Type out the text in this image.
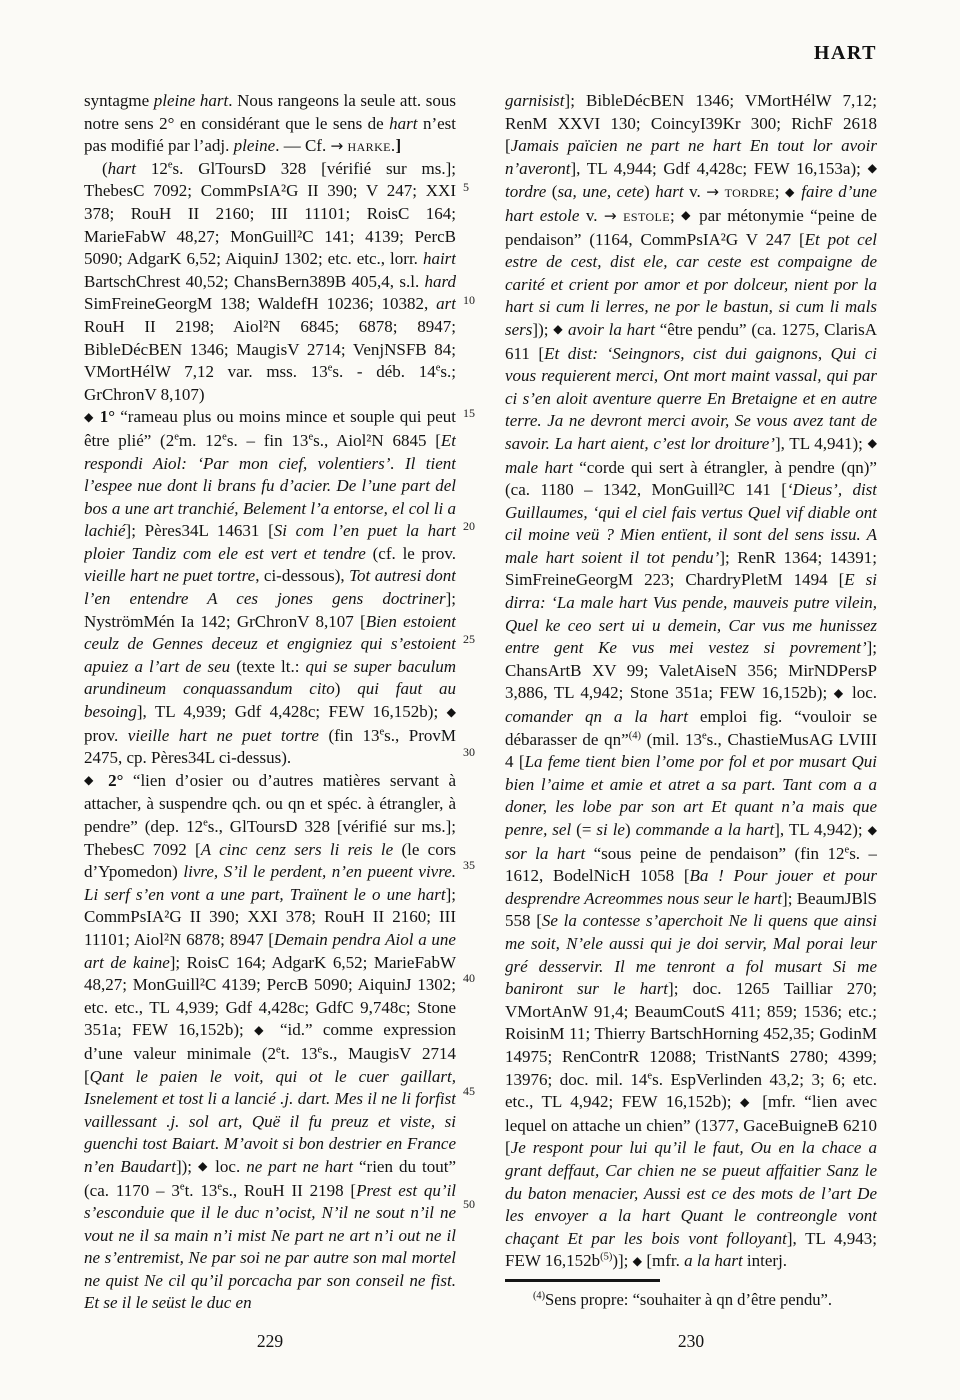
HART

syntagme pleine hart. Nous rangeons la seule att. sous notre sens 2° en considérant que le sens de hart n’est pas modifié par l’adj. pleine. — Cf. → harke.]

(hart 12es. GlToursD 328 [vérifié sur ms.]; ThebesC 7092; CommPsIA²G II 390; V 247; XXI 378; RouH II 2160; III 11101; RoisC 164; MarieFabW 48,27; MonGuill²C 141; 4139; PercB 5090; AdgarK 6,52; AiquinJ 1302; etc. etc., lorr. hairt BartschChrest 40,52; ChansBern389B 405,4, s.l. hard SimFreineGeorgM 138; WaldefH 10236; 10382, art RouH II 2198; Aiol²N 6845; 6878; 8947; BibleDécBEN 1346; MaugisV 2714; VenjNSFB 84; VMortHélW 7,12 var. mss. 13es. - déb. 14es.; GrChronV 8,107)

◆ 1° “rameau plus ou moins mince et souple qui peut être plié” (2em. 12es. – fin 13es., Aiol²N 6845 [Et respondi Aiol: ‘Par mon cief, volentiers’. Il tient l’espee nue dont li brans fu d’acier. De l’une part del bos a une art tranchié, Belement l’a entorse, el col li a lachié]; Pères34L 14631 [Si com l’en puet la hart ploier Tandiz com ele est vert et tendre (cf. le prov. vieille hart ne puet tortre, ci-dessous), Tot autresi dont l’en entendre A ces jones gens doctriner]; NyströmMén Ia 142; GrChronV 8,107 [Bien estoient ceulz de Gennes deceuz et engigniez qui s’estoient apuiez a l’art de seu (texte lt.: qui se super baculum arundineum conquassandum cito) qui faut au besoing], TL 4,939; Gdf 4,428c; FEW 16,152b); ◆ prov. vieille hart ne puet tortre (fin 13es., ProvM 2475, cp. Pères34L ci-dessus).

◆ 2° “lien d’osier ou d’autres matières servant à attacher, à suspendre qch. ou qn et spéc. à étrangler, à pendre” (dep. 12es., GlToursD 328 [vérifié sur ms.]; ThebesC 7092 [A cinc cenz sers li reis le (le cors d’Ypomedon) livre, S’il le perdent, n’en pueent vivre. Li serf s’en vont a une part, Traïnent le o une hart]; CommPsIA²G II 390; XXI 378; RouH II 2160; III 11101; Aiol²N 6878; 8947 [Demain pendra Aiol a une art de kaine]; RoisC 164; AdgarK 6,52; MarieFabW 48,27; MonGuill²C 4139; PercB 5090; AiquinJ 1302; etc. etc., TL 4,939; Gdf 4,428c; GdfC 9,748c; Stone 351a; FEW 16,152b); ◆ “id.” comme expression d’une valeur minimale (2et. 13es., MaugisV 2714 [Qant le paien le voit, qui ot le cuer gaillart, Isnelement et tost li a lancié .j. dart. Mes il ne li forfist vaillessant .j. sol art, Quë il fu preuz et viste, si guenchi tost Baiart. M’avoit si bon destrier en France n’en Baudart]); ◆ loc. ne part ne hart “rien du tout” (ca. 1170 – 3et. 13es., RouH II 2198 [Prest est qu’il s’esconduie que il le duc n’ocist, N’il ne sout n’il ne vout ne il sa main n’i mist Ne part ne art n’i out ne il ne s’entremist, Ne par soi ne par autre son mal mortel ne quist Ne cil qu’il porcacha par son conseil ne fist. Et se il le seüst le duc en

5
10
15
20
25
30
35
40
45
50

garnisist]; BibleDécBEN 1346; VMortHélW 7,12; RenM XXVI 130; CoincyI39Kr 300; RichF 2618 [Jamais païcien ne part ne hart En tout lor avoir n’averont], TL 4,944; Gdf 4,428c; FEW 16,153a); ◆ tordre (sa, une, cete) hart v. → tordre; ◆ faire d’une hart estole v. → estole; ◆ par métonymie “peine de pendaison” (1164, CommPsIA²G V 247 [Et pot cel estre de cest, dist ele, car ceste est compaigne de carité et crient por amor et por dolceur, nient por la hart si cum li lerres, ne por le bastun, si cum li mals sers]); ◆ avoir la hart “être pendu” (ca. 1275, ClarisA 611 [Et dist: ‘Seingnors, cist dui gaignons, Qui ci vous requierent merci, Ont mort maint vassal, qui par ci s’en aloit aventure querre En Bretaigne et en autre terre. Ja ne devront merci avoir, Se vous avez tant de savoir. La hart aient, c’est lor droiture’], TL 4,941); ◆ male hart “corde qui sert à étrangler, à pendre (qn)” (ca. 1180 – 1342, MonGuill²C 141 [‘Dieus’, dist Guillaumes, ‘qui el ciel fais vertus Quel vif diable ont cil moine veü ? Mien entïent, il sont del sens issu. A male hart soient il tot pendu’]; RenR 1364; 14391; SimFreineGeorgM 223; ChardryPletM 1494 [E si dirra: ‘La male hart Vus pende, mauveis putre vilein, Quel ke ceo sert ui u demein, Car vus me hunissez entre gent Ke vus mei vestez si povrement’]; ChansArtB XV 99; ValetAiseN 356; MirNDPersP 3,886, TL 4,942; Stone 351a; FEW 16,152b); ◆ loc. comander qn a la hart emploi fig. “vouloir se débarasser de qn”$^{(4)}$ (mil. 13es., ChastieMusAG LVIII 4 [La feme tient bien l’ome por fol et por musart Qui bien l’aime et amie et atret a sa part. Tant com a a doner, les lobe par son art Et quant n’a mais que penre, sel (= si le) commande a la hart], TL 4,942); ◆ sor la hart “sous peine de pendaison” (fin 12es. – 1612, BodelNicH 1058 [Ba ! Pour jouer et pour desprendre Acreommes nous seur le hart]; BeaumJBlS 558 [Se la contesse s’aperchoit Ne li quens que ainsi me soit, N’ele aussi qui je doi servir, Mal porai leur gré desservir. Il me tenront a fol musart Si me baniront sur le hart]; doc. 1265 Tailliar 270; VMortAnW 91,4; BeaumCoutS 411; 859; 1536; etc.; RoisinM 11; Thierry BartschHorning 452,35; GodinM 14975; RenContrR 12088; TristNantS 2780; 4399; 13976; doc. mil. 14es. EspVerlinden 43,2; 3; 6; etc. etc., TL 4,942; FEW 16,152b); ◆ [mfr. “lien avec lequel on attache un chien” (1377, GaceBuigneB 6210 [Je respont pour lui qu’il le faut, Ou en la chace a grant deffaut, Car chien ne se pueut affaitier Sanz le du baton menacier, Aussi est ce des mots de l’art De les envoyer a la hart Quant le contreongle vont chaçant Et par les bois vont folloyant], TL 4,943; FEW $16,152b^{(5)}$)]; ◆ [mfr. a la hart interj.

$^{(4)}$Sens propre: “souhaiter à qn d’être pendu”.

229	230
